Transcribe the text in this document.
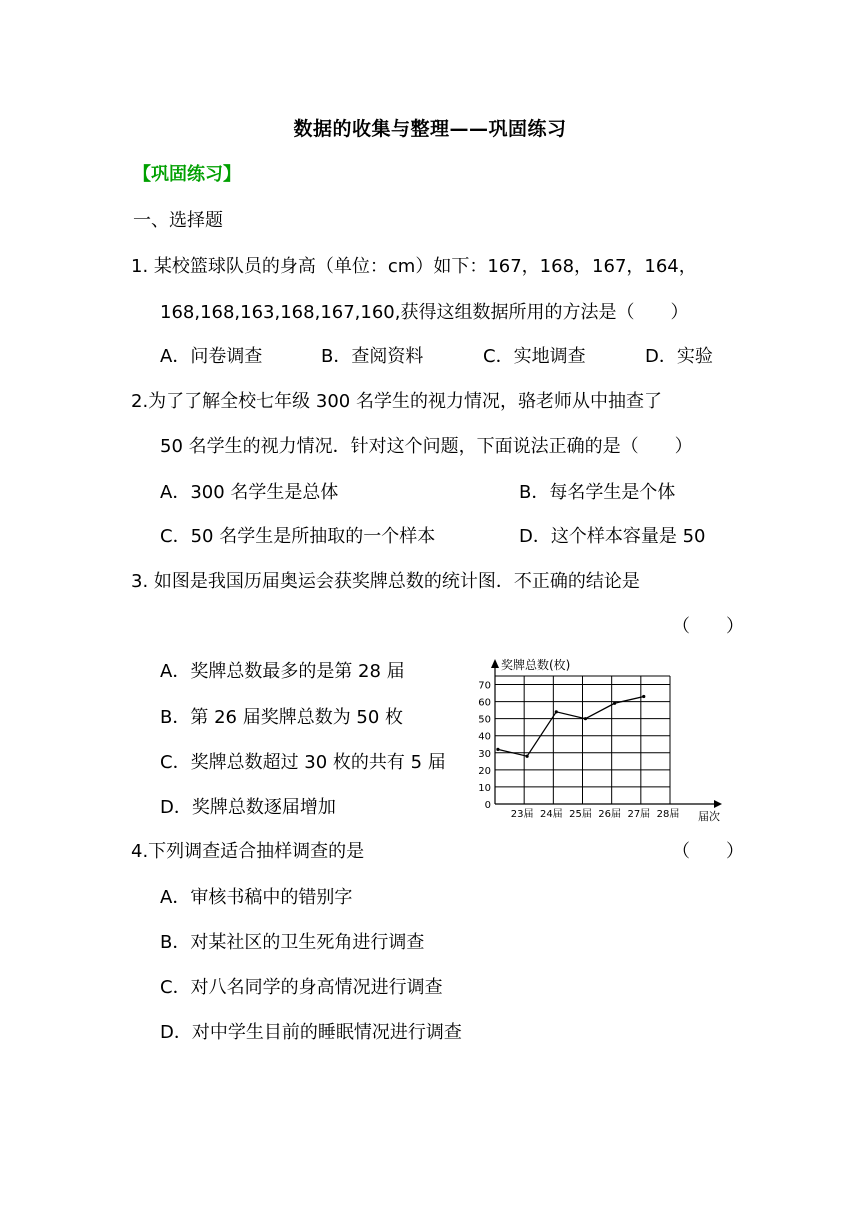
数据的收集与整理——巩固练习
【巩固练习】
一、选择题
1. 某校篮球队员的身高（单位：cm）如下：167，168，167，164，
168,168,163,168,167,160,获得这组数据所用的方法是（　　）
A．问卷调查	B．查阅资料	C．实地调查	D．实验
2.为了了解全校七年级 300 名学生的视力情况，骆老师从中抽查了
50 名学生的视力情况．针对这个问题，下面说法正确的是（　　）
A．300 名学生是总体	B．每名学生是个体
C．50 名学生是所抽取的一个样本	D．这个样本容量是 50
3. 如图是我国历届奥运会获奖牌总数的统计图．不正确的结论是
（　　）
A．奖牌总数最多的是第 28 届
B．第 26 届奖牌总数为 50 枚
C．奖牌总数超过 30 枚的共有 5 届
D．奖牌总数逐届增加	0
10
20
30
40
50
60
70
奖牌总数(枚)
届次
23届 24届 25届 26届 27届 28届
4.下列调查适合抽样调查的是	（　　）
A．审核书稿中的错别字
B．对某社区的卫生死角进行调查
C．对八名同学的身高情况进行调查
D．对中学生目前的睡眠情况进行调查
